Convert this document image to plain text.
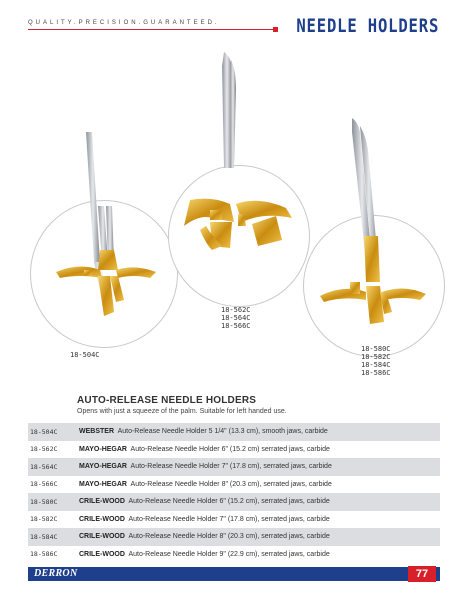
QUALITY.PRECISION.GUARANTEED.	NEEDLE HOLDERS
18-504C
18-562C
18-564C
18-566C
18-580C
18-582C
18-584C
18-586C
AUTO-RELEASE NEEDLE HOLDERS
Opens with just a squeeze of the palm. Suitable for left handed use.
18-504C	WEBSTER Auto-Release Needle Holder 5 1/4" (13.3 cm), smooth jaws, carbide
18-562C	MAYO-HEGAR Auto-Release Needle Holder 6" (15.2 cm) serrated jaws, carbide
18-564C	MAYO-HEGAR Auto-Release Needle Holder 7" (17.8 cm), serrated jaws, carbide
18-566C	MAYO-HEGAR Auto-Release Needle Holder 8" (20.3 cm), serrated jaws, carbide
18-580C	CRILE-WOOD Auto-Release Needle Holder 6" (15.2 cm), serrated jaws, carbide
18-582C	CRILE-WOOD Auto-Release Needle Holder 7" (17.8 cm), serrated jaws, carbide
18-584C	CRILE-WOOD Auto-Release Needle Holder 8" (20.3 cm), serrated jaws, carbide
18-586C	CRILE-WOOD Auto-Release Needle Holder 9" (22.9 cm), serrated jaws, carbide
DERRON	77
